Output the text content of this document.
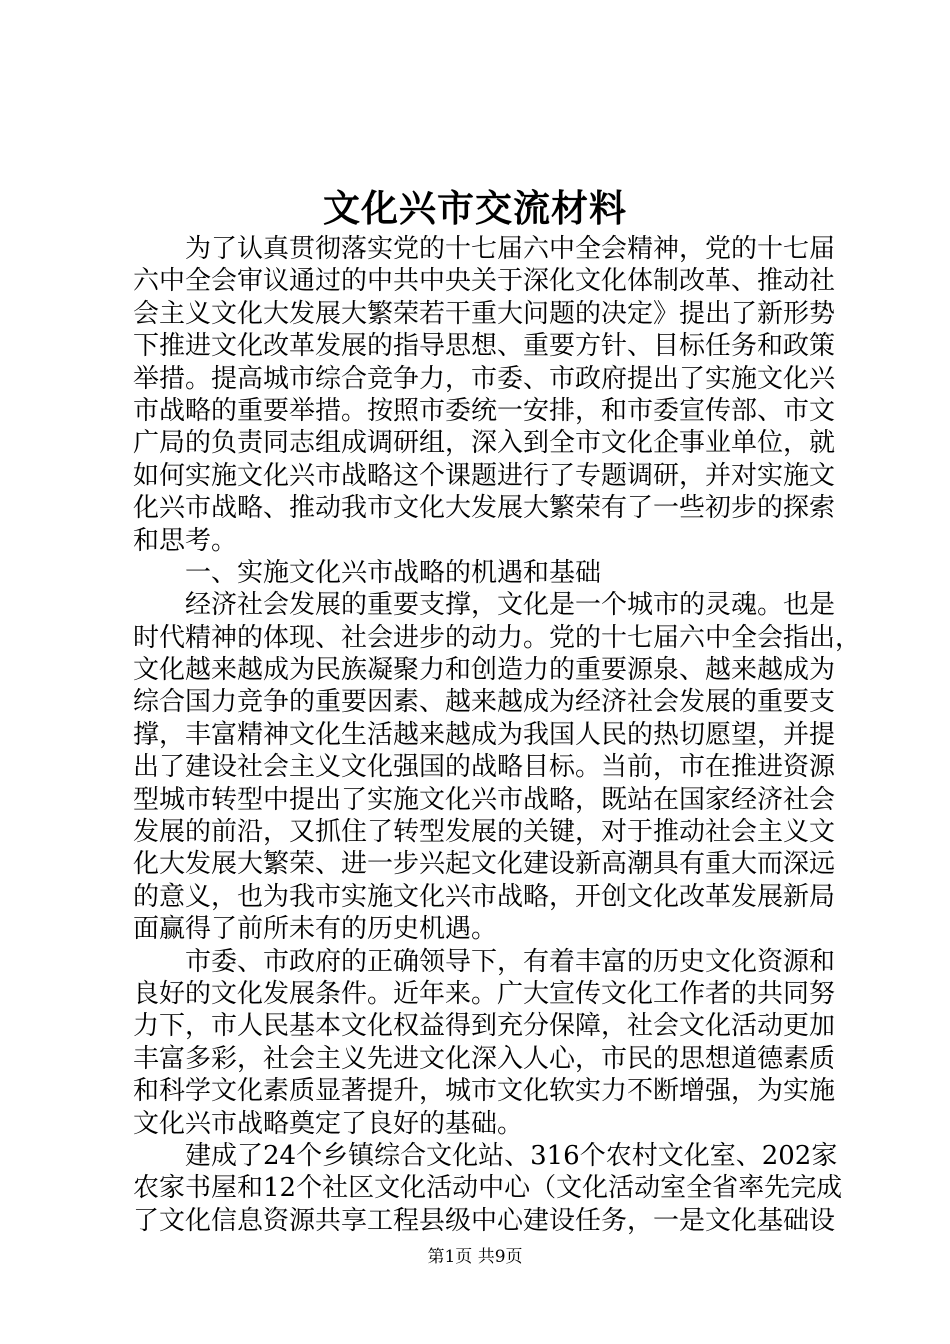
文化兴市交流材料
为了认真贯彻落实党的十七届六中全会精神，党的十七届
六中全会审议通过的中共中央关于深化文化体制改革、推动社
会主义文化大发展大繁荣若干重大问题的决定》提出了新形势
下推进文化改革发展的指导思想、重要方针、目标任务和政策
举措。提高城市综合竞争力，市委、市政府提出了实施文化兴
市战略的重要举措。按照市委统一安排，和市委宣传部、市文
广局的负责同志组成调研组，深入到全市文化企事业单位，就
如何实施文化兴市战略这个课题进行了专题调研，并对实施文
化兴市战略、推动我市文化大发展大繁荣有了一些初步的探索
和思考。
一、实施文化兴市战略的机遇和基础
经济社会发展的重要支撑，文化是一个城市的灵魂。也是
时代精神的体现、社会进步的动力。党的十七届六中全会指出，
文化越来越成为民族凝聚力和创造力的重要源泉、越来越成为
综合国力竞争的重要因素、越来越成为经济社会发展的重要支
撑，丰富精神文化生活越来越成为我国人民的热切愿望，并提
出了建设社会主义文化强国的战略目标。当前，市在推进资源
型城市转型中提出了实施文化兴市战略，既站在国家经济社会
发展的前沿，又抓住了转型发展的关键，对于推动社会主义文
化大发展大繁荣、进一步兴起文化建设新高潮具有重大而深远
的意义，也为我市实施文化兴市战略，开创文化改革发展新局
面赢得了前所未有的历史机遇。
市委、市政府的正确领导下，有着丰富的历史文化资源和
良好的文化发展条件。近年来。广大宣传文化工作者的共同努
力下，市人民基本文化权益得到充分保障，社会文化活动更加
丰富多彩，社会主义先进文化深入人心，市民的思想道德素质
和科学文化素质显著提升，城市文化软实力不断增强，为实施
文化兴市战略奠定了良好的基础。
建成了24个乡镇综合文化站、316个农村文化室、202家
农家书屋和12个社区文化活动中心（文化活动室全省率先完成
了文化信息资源共享工程县级中心建设任务，一是文化基础设
第1页 共9页
